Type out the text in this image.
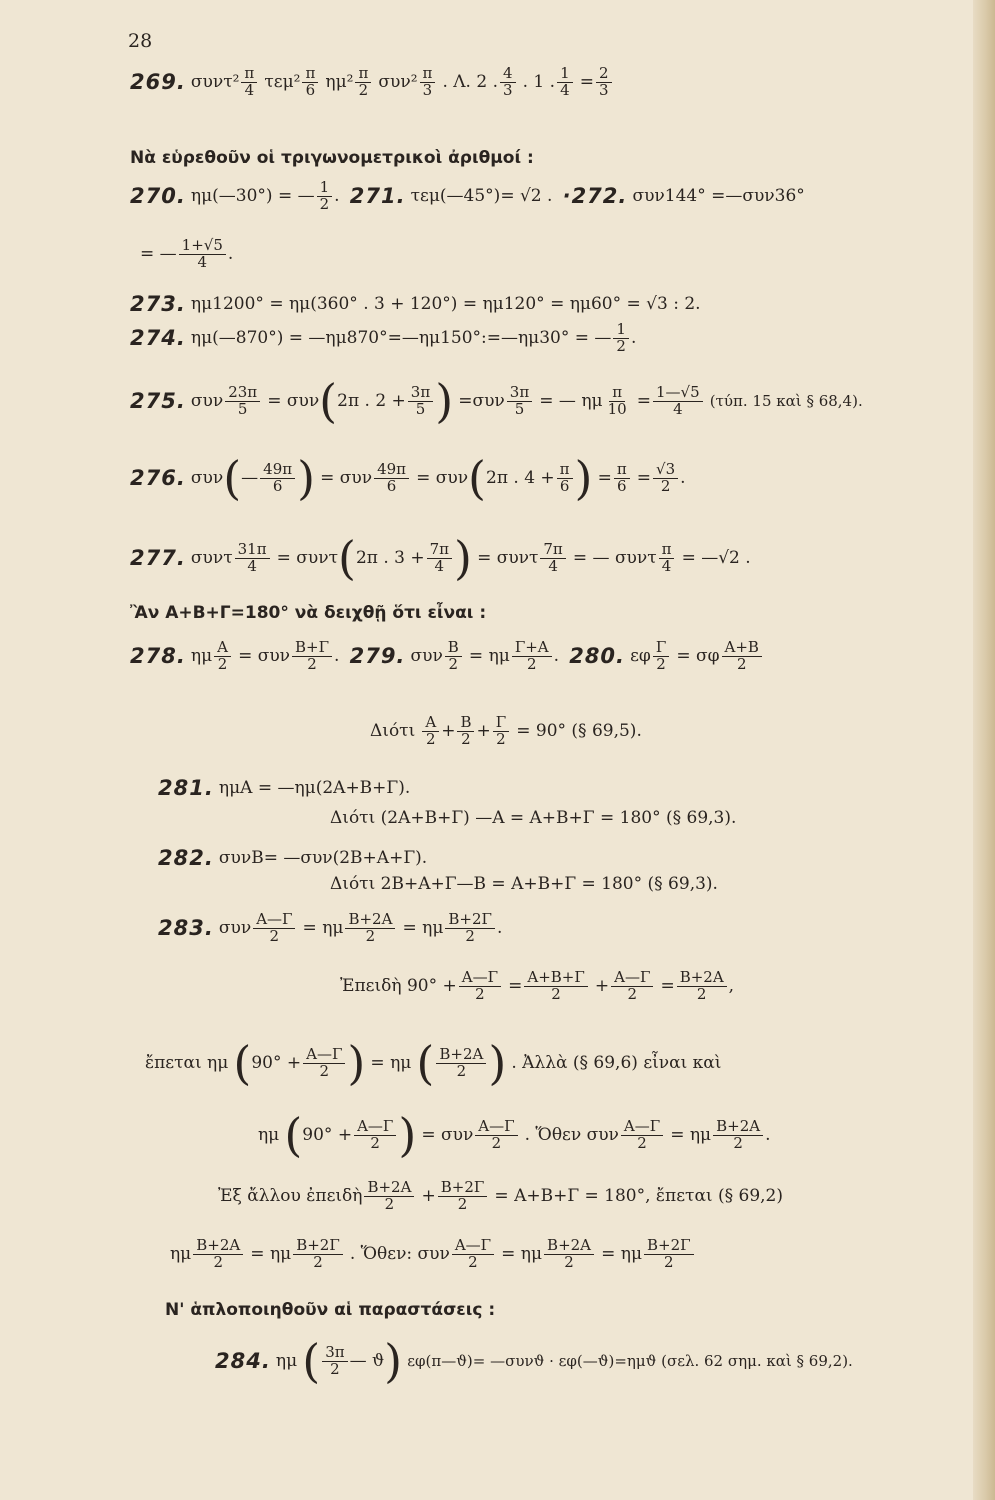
28
269. $\sigma\upsilon\nu\tau^2 \frac{\pi}{4} \tau\varepsilon\mu^2 \frac{\pi}{6} \eta\mu^2 \frac{\pi}{2} \sigma\upsilon\nu^2 \frac{\pi}{3}$ . Λ. 2 . $\frac{4}{3}$ . 1 . $\frac{1}{4} = \frac{2}{3}$
Νὰ εὑρεθοῦν οἱ τριγωνομετρικοὶ ἀριθμοί :
270. ημ(—30°) = — $\frac{1}{2}$ . 271. τεμ(—45°)= √2 . ·272. συν144° =—συν36°
= — $\frac{1+√5}{4}$ .
273. ημ1200° = ημ(360° . 3 + 120°) = ημ120° = ημ60° = √3 : 2.
274. ημ(—870°) = —ημ870°=—ημ150°:=—ημ30° = — $\frac{1}{2}$ .
275. συν $\frac{23\pi}{5} = \sigma\upsilon\nu(2\pi$ . $2 + \frac{3\pi}{5}$ ) $=\sigma\upsilon\nu \frac{3\pi}{5}$ = — ημ $\frac{\pi}{10} = \frac{1—√5}{4} (\tau ύ\pi$. 15 καὶ § 68,4).
276. συν(— $\frac{49\pi}{6}$ ) = συν $\frac{49\pi}{6} = \sigma\upsilon\nu(2\pi$ . $4 + \frac{\pi}{6}$ ) = $\frac{\pi}{6} = \frac{√3}{2}$ .
277. συντ $\frac{31\pi}{4} = \sigma\upsilon\nu\tau(2\pi$ . $3 + \frac{7\pi}{4}$ ) = συντ $\frac{7\pi}{4}$ = — συντ $\frac{\pi}{4}$ = —√2 .
Ἂν Α+Β+Γ=180° νὰ δειχθῇ ὅτι εἶναι :
278. ημ $\frac{A}{2} = \sigma\upsilon\nu \frac{B+\Gamma}{2}$ . 279. συν $\frac{B}{2} = \eta\mu \frac{\Gamma+A}{2}$ . 280. εφ $\frac{\Gamma}{2} = \sigma\varphi \frac{A+B}{2}$
Διότι $\frac{A}{2} + \frac{B}{2} + \frac{\Gamma}{2} = 90^\circ$ (§ 69,5).
281. ημΑ = —ημ(2Α+Β+Γ).
Διότι (2Α+Β+Γ) —Α = Α+Β+Γ = 180° (§ 69,3).
282. συνΒ= —συν(2Β+Α+Γ).
Διότι 2Β+Α+Γ—Β = Α+Β+Γ = 180° (§ 69,3).
283. συν $\frac{A—\Gamma}{2} = \eta\mu \frac{B+2A}{2} = \eta\mu \frac{B+2\Gamma}{2}$ .
Ἐπειδὴ $90^\circ + \frac{A—\Gamma}{2} = \frac{A+B+\Gamma}{2} + \frac{A—\Gamma}{2} = \frac{B+2A}{2}$ ,
ἔπεται ημ ($90^\circ + \frac{A—\Gamma}{2}$ ) = ημ ( $\frac{B+2A}{2}$ ) . Ἀλλὰ (§ 69,6) εἶναι καὶ
ημ ($90^\circ + \frac{A—\Gamma}{2}$ ) = συν $\frac{A—\Gamma}{2}$ . Ὅθεν συν $\frac{A—\Gamma}{2} = \eta\mu \frac{B+2A}{2}$ .
Ἐξ ἄλλου ἐπειδὴ $\frac{B+2A}{2} + \frac{B+2\Gamma}{2} = A+B+\Gamma = 180^\circ$, ἔπεται (§ 69,2)
ημ $\frac{B+2A}{2} = \eta\mu \frac{B+2\Gamma}{2}$ . Ὅθεν: συν $\frac{A—\Gamma}{2} = \eta\mu \frac{B+2A}{2} = \eta\mu \frac{B+2\Gamma}{2}$
Ν' ἁπλοποιηθοῦν αἱ παραστάσεις :
284. ημ ( $\frac{3\pi}{2}$ — ϑ) εφ(π—ϑ)= —συνϑ · εφ(—ϑ)=ημϑ (σελ. 62 σημ. καὶ § 69,2).
